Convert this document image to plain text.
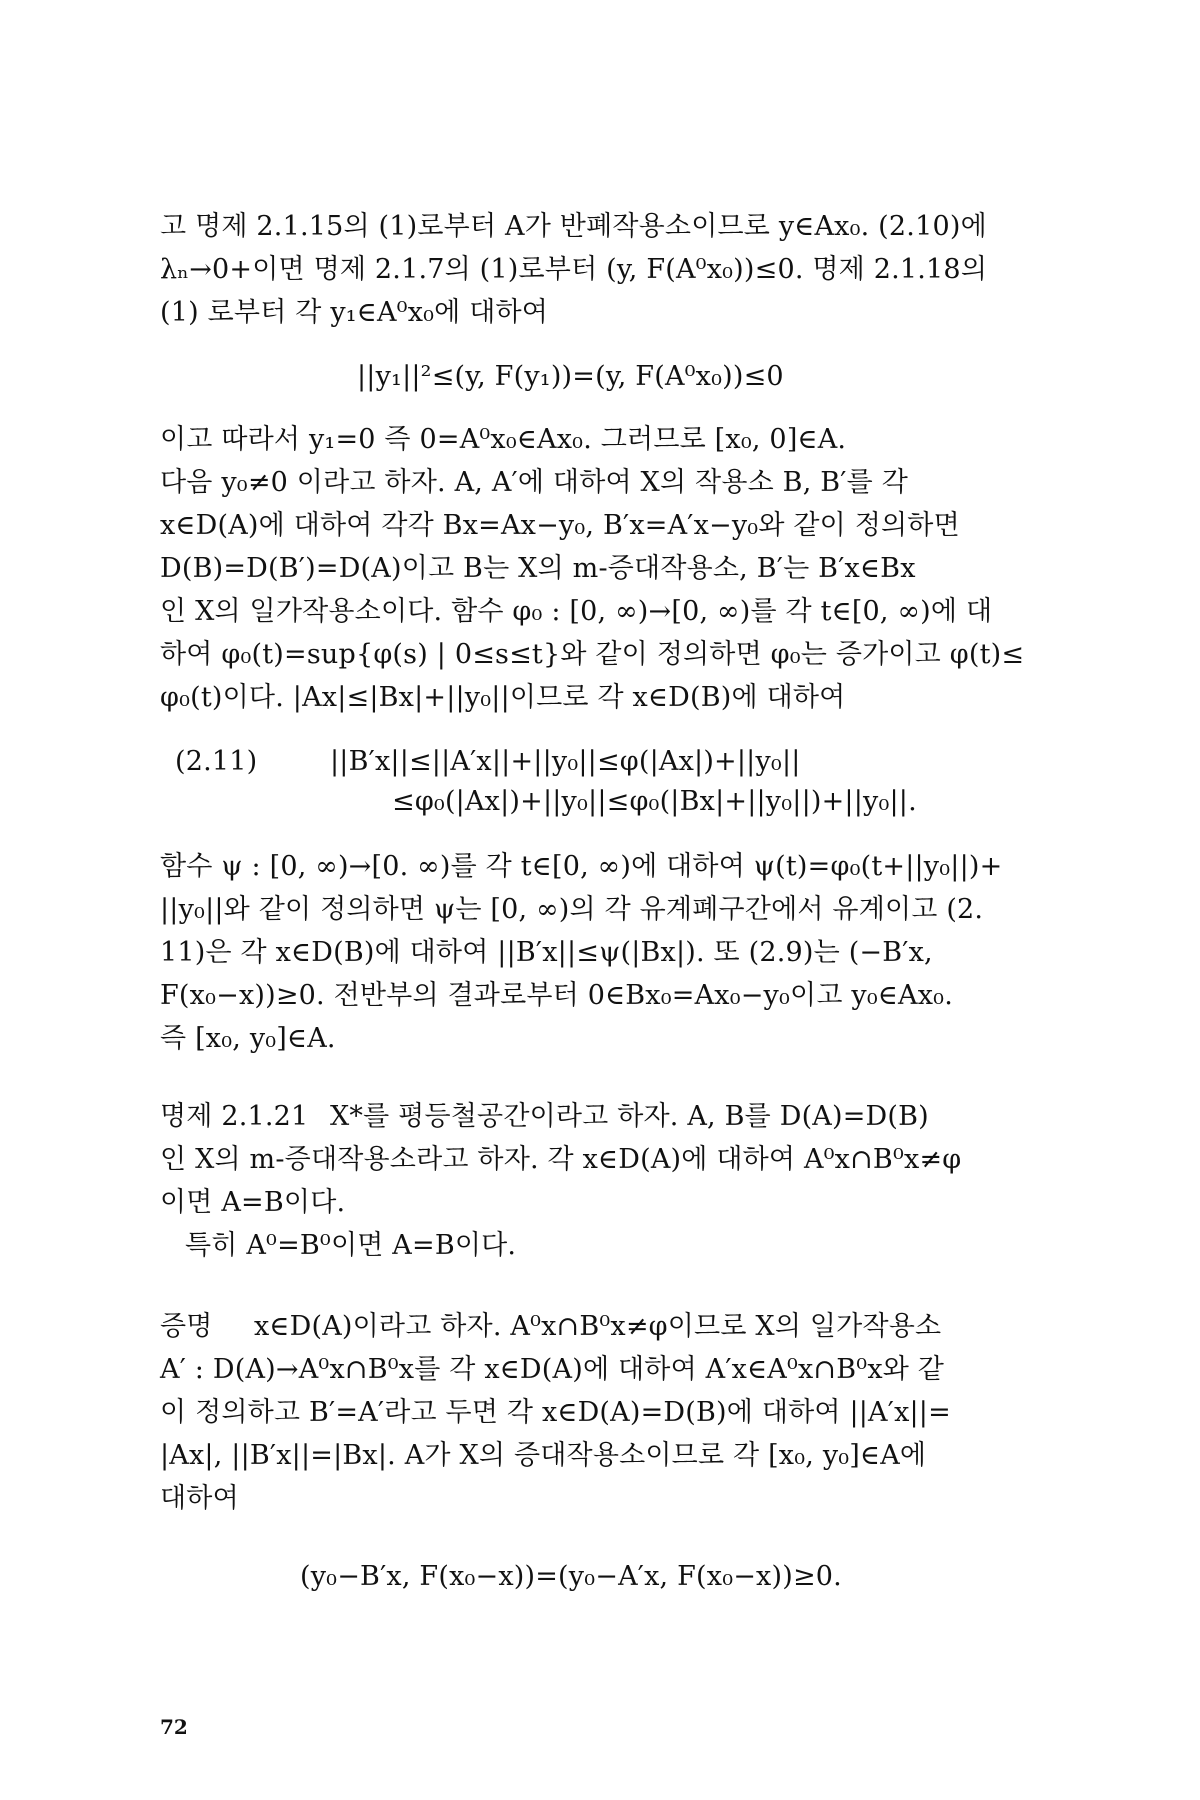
고 명제 2.1.15의 (1)로부터 A가 반폐작용소이므로 y∈Ax₀. (2.10)에
λₙ→0+이면 명제 2.1.7의 (1)로부터 (y, F(A⁰x₀))≤0. 명제 2.1.18의
(1) 로부터 각 y₁∈A⁰x₀에 대하여
||y₁||²≤(y, F(y₁))=(y, F(A⁰x₀))≤0
이고 따라서 y₁=0 즉 0=A⁰x₀∈Ax₀. 그러므로 [x₀, 0]∈A.
다음 y₀≠0 이라고 하자. A, A′에 대하여 X의 작용소 B, B′를 각
x∈D(A)에 대하여 각각 Bx=Ax−y₀, B′x=A′x−y₀와 같이 정의하면
D(B)=D(B′)=D(A)이고 B는 X의 m-증대작용소, B′는 B′x∈Bx
인 X의 일가작용소이다. 함수 φ₀ : [0, ∞)→[0, ∞)를 각 t∈[0, ∞)에 대
하여 φ₀(t)=sup{φ(s) | 0≤s≤t}와 같이 정의하면 φ₀는 증가이고 φ(t)≤
φ₀(t)이다. |Ax|≤|Bx|+||y₀||이므로 각 x∈D(B)에 대하여
(2.11)	||B′x||≤||A′x||+||y₀||≤φ(|Ax|)+||y₀||
≤φ₀(|Ax|)+||y₀||≤φ₀(|Bx|+||y₀||)+||y₀||.
함수 ψ : [0, ∞)→[0. ∞)를 각 t∈[0, ∞)에 대하여 ψ(t)=φ₀(t+||y₀||)+
||y₀||와 같이 정의하면 ψ는 [0, ∞)의 각 유계폐구간에서 유계이고 (2.
11)은 각 x∈D(B)에 대하여 ||B′x||≤ψ(|Bx|). 또 (2.9)는 (−B′x,
F(x₀−x))≥0. 전반부의 결과로부터 0∈Bx₀=Ax₀−y₀이고 y₀∈Ax₀.
즉 [x₀, y₀]∈A.
명제 2.1.21 X*를 평등철공간이라고 하자. A, B를 D(A)=D(B)
인 X의 m-증대작용소라고 하자. 각 x∈D(A)에 대하여 A⁰x∩B⁰x≠φ
이면 A=B이다.
특히 A⁰=B⁰이면 A=B이다.
증명 x∈D(A)이라고 하자. A⁰x∩B⁰x≠φ이므로 X의 일가작용소
A′ : D(A)→A⁰x∩B⁰x를 각 x∈D(A)에 대하여 A′x∈A⁰x∩B⁰x와 같
이 정의하고 B′=A′라고 두면 각 x∈D(A)=D(B)에 대하여 ||A′x||=
|Ax|, ||B′x||=|Bx|. A가 X의 증대작용소이므로 각 [x₀, y₀]∈A에
대하여
(y₀−B′x, F(x₀−x))=(y₀−A′x, F(x₀−x))≥0.
72
